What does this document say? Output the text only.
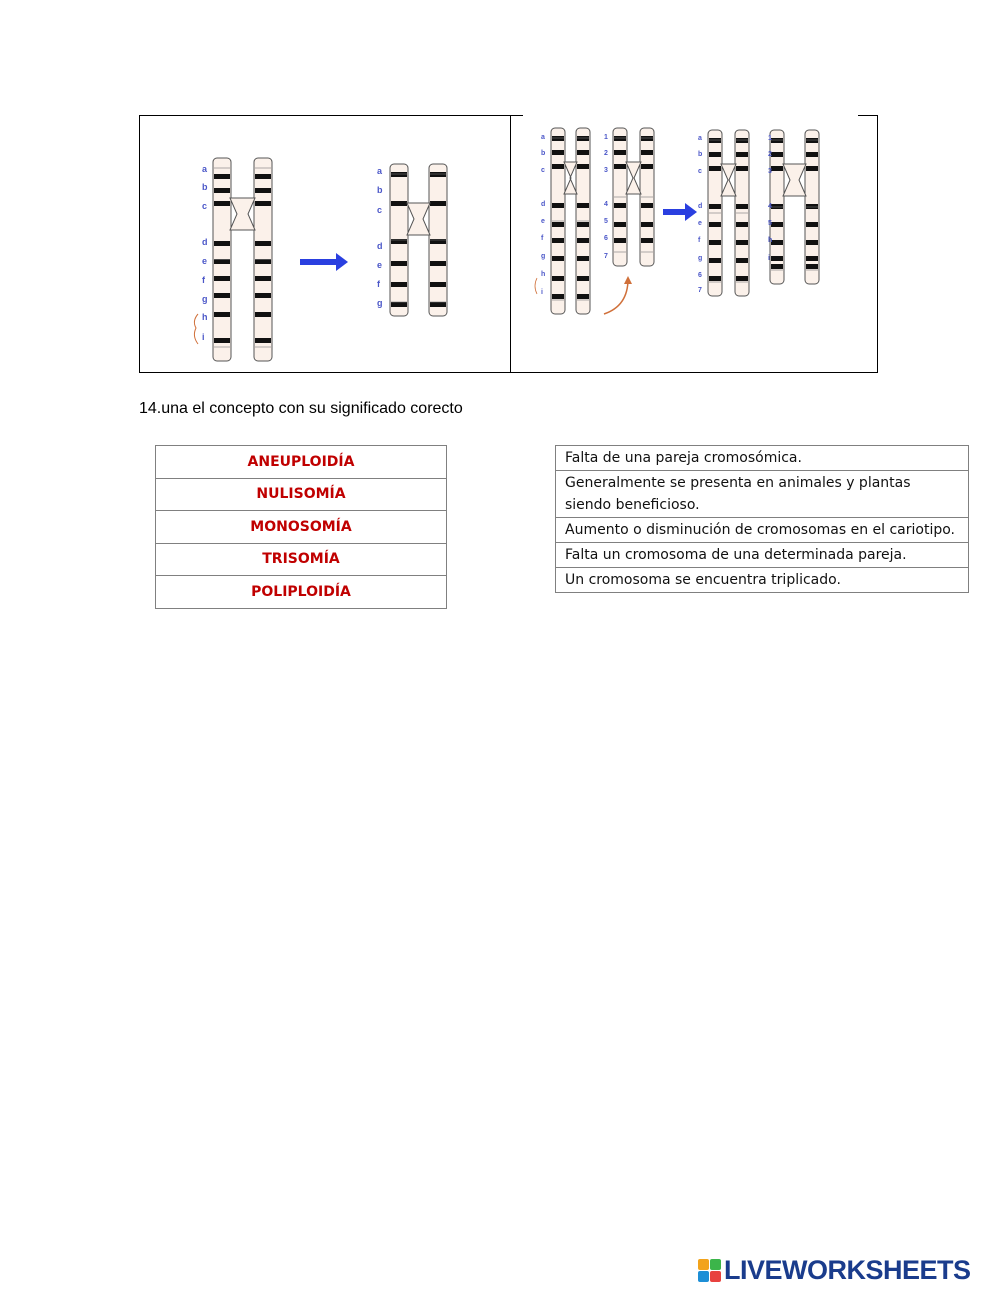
a
b
c
d
e
f
g
h
i
a
b
c
d
e
f
g
a
b
c
d
e
f
g
h
i
1
2
3
4
5
6
7
a
b
c
d
e
f
g
6
7
1
2
3
4
5
h
i
14.una el concepto con su significado corecto
ANEUPLOIDÍA
NULISOMÍA
MONOSOMÍA
TRISOMÍA
POLIPLOIDÍA
Falta de una pareja cromosómica.
Generalmente se presenta en animales y plantas siendo beneficioso.
Aumento o disminución de cromosomas en el cariotipo.
Falta un cromosoma de una determinada pareja.
Un cromosoma se encuentra triplicado.
LIVEWORKSHEETS
